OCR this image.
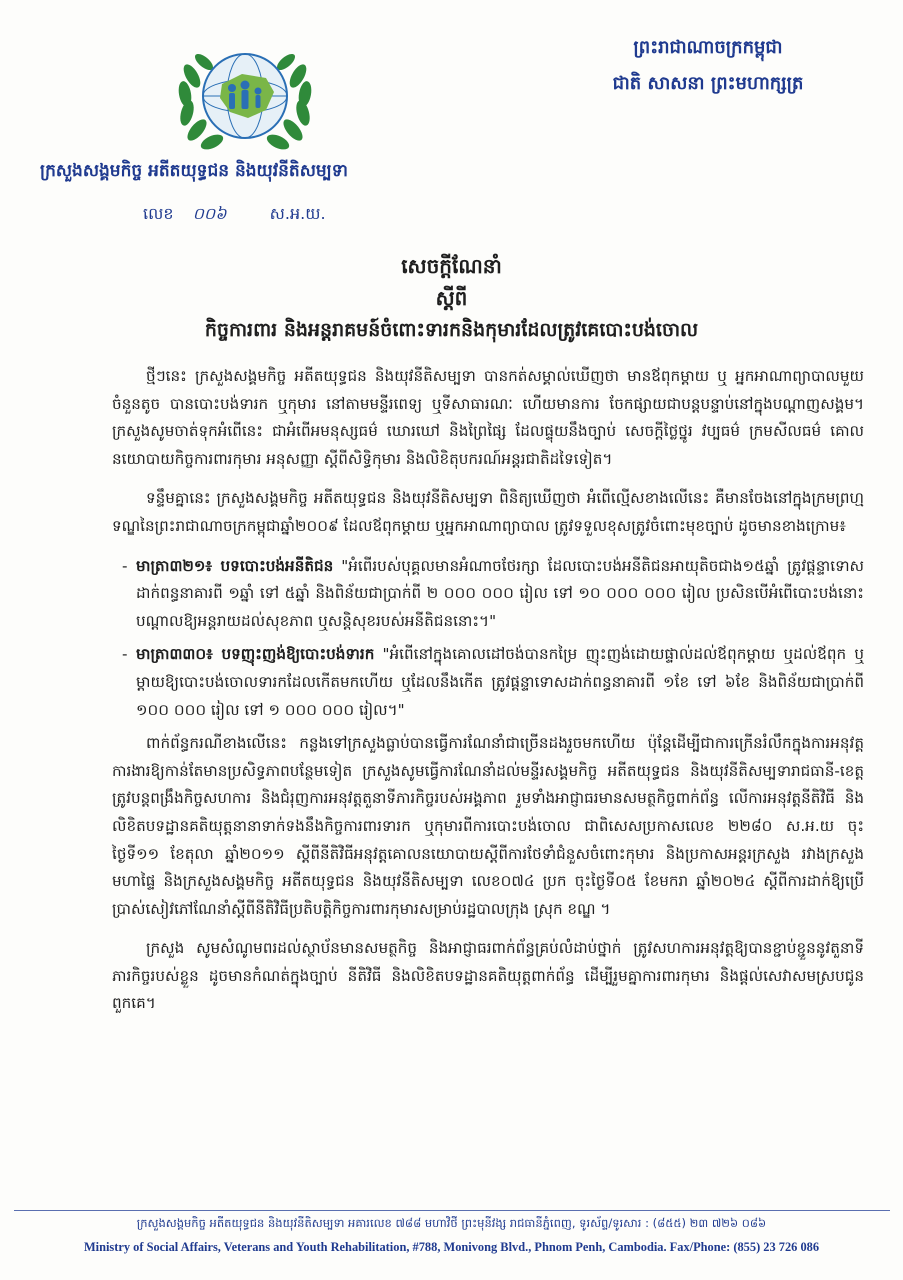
ព្រះរាជាណាចក្រកម្ពុជា
ជាតិ សាសនា ព្រះមហាក្សត្រ
ក្រសួងសង្គមកិច្ច អតីតយុទ្ធជន និងយុវនីតិសម្បទា
លេខ ០០៦	ស.អ.យ.
សេចក្តីណែនាំ
ស្តីពី
កិច្ចការពារ និងអន្តរាគមន៍ចំពោះទារកនិងកុមារដែលត្រូវគេបោះបង់ចោល

ថ្មីៗនេះ ក្រសួងសង្គមកិច្ច អតីតយុទ្ធជន និងយុវនីតិសម្បទា បានកត់សម្គាល់ឃើញថា មានឪពុកម្តាយ ឬ អ្នកអាណាព្យាបាលមួយចំនួនតូច បានបោះបង់ទារក ឬកុមារ នៅតាមមន្ទីរពេទ្យ ឬទីសាធារណៈ ហើយមានការ ចែកផ្សាយជាបន្តបន្ទាប់នៅក្នុងបណ្តាញសង្គម។ ក្រសួងសូមចាត់ទុកអំពើនេះ ជាអំពើអមនុស្សធម៌ ឃោរឃៅ និងព្រៃផ្សៃ ដែលផ្ទុយនឹងច្បាប់ សេចក្តីថ្លៃថ្នូរ វប្បធម៌ ក្រមសីលធម៌ គោលនយោបាយកិច្ចការពារកុមារ អនុសញ្ញា ស្តីពីសិទ្ធិកុមារ និងលិខិតុបករណ៍អន្តរជាតិដទៃទៀត។

ទន្ទឹមគ្នានេះ ក្រសួងសង្គមកិច្ច អតីតយុទ្ធជន និងយុវនីតិសម្បទា ពិនិត្យឃើញថា អំពើល្មើសខាងលើនេះ គឺមានចែងនៅក្នុងក្រមព្រហ្មទណ្ឌនៃព្រះរាជាណាចក្រកម្ពុជាឆ្នាំ២០០៩ ដែលឪពុកម្តាយ ឬអ្នកអាណាព្យាបាល ត្រូវទទួលខុសត្រូវចំពោះមុខច្បាប់ ដូចមានខាងក្រោម៖

- មាត្រា៣២១៖ បទបោះបង់អនីតិជន "អំពើរបស់បុគ្គលមានអំណាចថែរក្សា ដែលបោះបង់អនីតិជនអាយុតិចជាង១៥ឆ្នាំ ត្រូវផ្តន្ទាទោសដាក់ពន្ធនាគារពី ១ឆ្នាំ ទៅ ៥ឆ្នាំ និងពិន័យជាប្រាក់ពី ២ ០០០ ០០០ រៀល ទៅ ១០ ០០០ ០០០ រៀល ប្រសិនបើអំពើបោះបង់នោះបណ្តាលឱ្យអន្តរាយដល់សុខភាព ឬសន្តិសុខរបស់អនីតិជននោះ។"

- មាត្រា៣៣០៖ បទញុះញង់ឱ្យបោះបង់ទារក "អំពើនៅក្នុងគោលដៅចង់បានកម្រៃ ញុះញង់ដោយផ្ទាល់ដល់ឪពុកម្តាយ ឬដល់ឪពុក ឬម្តាយឱ្យបោះបង់ចោលទារកដែលកើតមកហើយ ឬដែលនឹងកើត ត្រូវផ្តន្ទាទោសដាក់ពន្ធនាគារពី ១ខែ ទៅ ៦ខែ និងពិន័យជាប្រាក់ពី ១០០ ០០០ រៀល ទៅ ១ ០០០ ០០០ រៀល។"

ពាក់ព័ន្ធករណីខាងលើនេះ កន្លងទៅក្រសួងធ្លាប់បានធ្វើការណែនាំជាច្រើនដងរួចមកហើយ ប៉ុន្តែដើម្បីជាការក្រើនរំលឹកក្នុងការអនុវត្តការងារឱ្យកាន់តែមានប្រសិទ្ធភាពបន្ថែមទៀត ក្រសួងសូមធ្វើការណែនាំដល់មន្ទីរសង្គមកិច្ច អតីតយុទ្ធជន និងយុវនីតិសម្បទារាជធានី-ខេត្ត ត្រូវបន្តពង្រឹងកិច្ចសហការ និងជំរុញការអនុវត្តតួនាទីភារកិច្ចរបស់អង្គភាព រួមទាំងអាជ្ញាធរមានសមត្ថកិច្ចពាក់ព័ន្ធ លើការអនុវត្តនីតិវិធី និងលិខិតបទដ្ឋានគតិយុត្តនានាទាក់ទងនឹងកិច្ចការពារទារក ឬកុមារពីការបោះបង់ចោល ជាពិសេសប្រកាសលេខ ២២៨០ ស.អ.យ ចុះថ្ងៃទី១១ ខែតុលា ឆ្នាំ២០១១ ស្តីពីនីតិវិធីអនុវត្តគោលនយោបាយស្តីពីការថែទាំជំនួសចំពោះកុមារ និងប្រកាសអន្តរក្រសួង រវាងក្រសួងមហាផ្ទៃ និងក្រសួងសង្គមកិច្ច អតីតយុទ្ធជន និងយុវនីតិសម្បទា លេខ០៧៤ ប្រក ចុះថ្ងៃទី០៥ ខែមករា ឆ្នាំ២០២៤ ស្តីពីការដាក់ឱ្យប្រើប្រាស់សៀវភៅណែនាំស្តីពីនីតិវិធីប្រតិបត្តិកិច្ចការពារកុមារសម្រាប់រដ្ឋបាលក្រុង ស្រុក ខណ្ឌ ។

ក្រសួង សូមសំណូមពរដល់ស្ថាប័នមានសមត្ថកិច្ច និងអាជ្ញាធរពាក់ព័ន្ធគ្រប់លំដាប់ថ្នាក់ ត្រូវសហការអនុវត្តឱ្យបានខ្ជាប់ខ្ជួននូវតួនាទីភារកិច្ចរបស់ខ្លួន ដូចមានកំណត់ក្នុងច្បាប់ នីតិវិធី និងលិខិតបទដ្ឋានគតិយុត្តពាក់ព័ន្ធ ដើម្បីរួមគ្នាការពារកុមារ និងផ្តល់សេវាសមស្របជូនពួកគេ។

ក្រសួងសង្គមកិច្ច អតីតយុទ្ធជន និងយុវនីតិសម្បទា អគារលេខ ៧៨៨ មហាវិថី ព្រះមុនីវង្ស រាជធានីភ្នំពេញ, ទូរស័ព្ទ/ទូរសារ : (៨៥៥) ២៣ ៧២៦ ០៨៦
Ministry of Social Affairs, Veterans and Youth Rehabilitation, #788, Monivong Blvd., Phnom Penh, Cambodia. Fax/Phone: (855) 23 726 086
